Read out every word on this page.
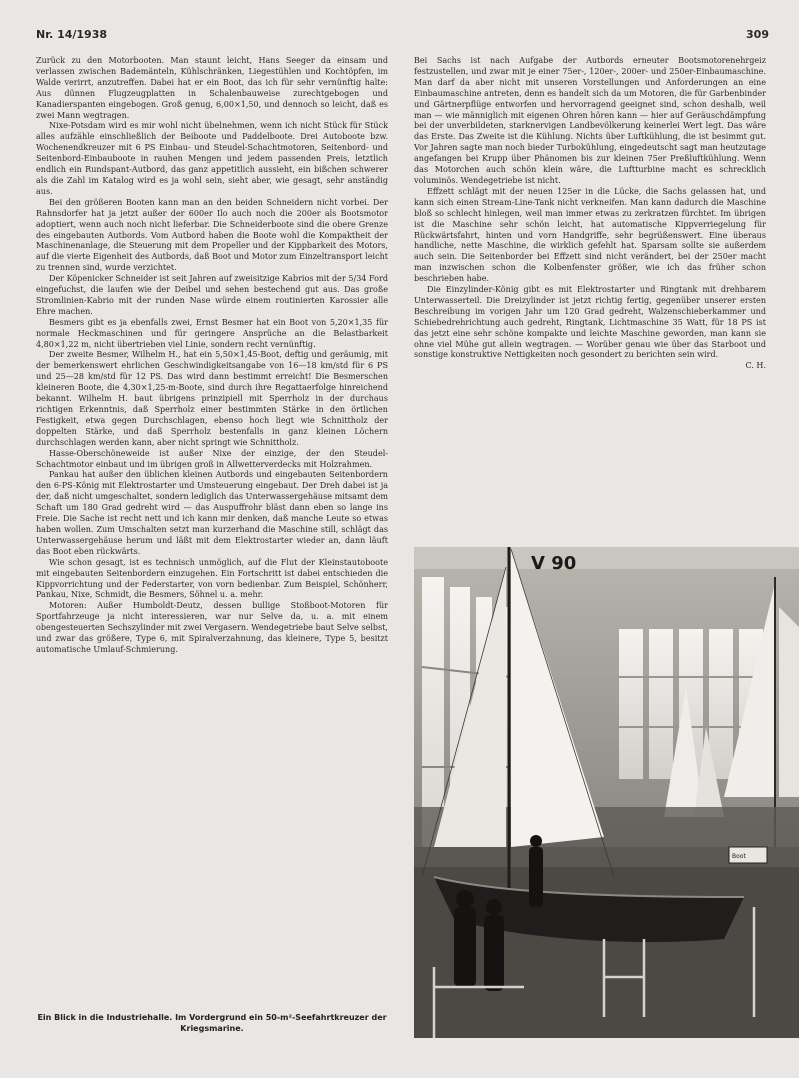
Nr. 14/1938	309

Zurück zu den Motorbooten. Man staunt leicht, Hans Seeger da einsam und verlassen zwischen Bademänteln, Kühlschränken, Liegestühlen und Kochtöpfen, im Walde verirrt, anzutreffen. Dabei hat er ein Boot, das ich für sehr vernünftig halte: Aus dünnen Flugzeugplatten in Schalenbauweise zurechtgebogen und Kanadierspanten eingebogen. Groß genug, 6,00×1,50, und dennoch so leicht, daß es zwei Mann wegtragen.

Nixe-Potsdam wird es mir wohl nicht übelnehmen, wenn ich nicht Stück für Stück alles aufzähle einschließlich der Beiboote und Paddelboote. Drei Autoboote bzw. Wochenendkreuzer mit 6 PS Einbau- und Steudel-Schachtmotoren, Seitenbord- und Seitenbord-Einbauboote in rauhen Mengen und jedem passenden Preis, letztlich endlich ein Rundspant-Autbord, das ganz appetitlich aussieht, ein bißchen schwerer als die Zahl im Katalog wird es ja wohl sein, sieht aber, wie gesagt, sehr anständig aus.

Bei den größeren Booten kann man an den beiden Schneidern nicht vorbei. Der Rahnsdorfer hat ja jetzt außer der 600er Ilo auch noch die 200er als Bootsmotor adoptiert, wenn auch noch nicht lieferbar. Die Schneiderboote sind die obere Grenze des eingebauten Autbords. Vom Autbord haben die Boote wohl die Kompaktheit der Maschinenanlage, die Steuerung mit dem Propeller und der Kippbarkeit des Motors, auf die vierte Eigenheit des Autbords, daß Boot und Motor zum Einzeltransport leicht zu trennen sind, wurde verzichtet.

Der Köpenicker Schneider ist seit Jahren auf zweisitzige Kabrios mit der 5/34 Ford eingefuchst, die laufen wie der Deibel und sehen bestechend gut aus. Das große Stromlinien-Kabrio mit der runden Nase würde einem routinierten Karossier alle Ehre machen.

Besmers gibt es ja ebenfalls zwei, Ernst Besmer hat ein Boot von 5,20×1,35 für normale Heckmaschinen und für geringere Ansprüche an die Belastbarkeit 4,80×1,22 m, nicht übertrieben viel Linie, sondern recht vernünftig.

Der zweite Besmer, Wilhelm H., hat ein 5,50×1,45-Boot, deftig und geräumig, mit der bemerkenswert ehrlichen Geschwindigkeitsangabe von 16—18 km/std für 6 PS und 25—28 km/std für 12 PS. Das wird dann bestimmt erreicht! Die Besmerschen kleineren Boote, die 4,30×1,25-m-Boote, sind durch ihre Regattaerfolge hinreichend bekannt. Wilhelm H. baut übrigens prinzipiell mit Sperrholz in der durchaus richtigen Erkenntnis, daß Sperrholz einer bestimmten Stärke in den örtlichen Festigkeit, etwa gegen Durchschlagen, ebenso hoch liegt wie Schnittholz der doppelten Stärke, und daß Sperrholz bestenfalls in ganz kleinen Löchern durchschlagen werden kann, aber nicht springt wie Schnittholz.

Hasse-Oberschöneweide ist außer Nixe der einzige, der den Steudel-Schachtmotor einbaut und im übrigen groß in Allwetterverdecks mit Holzrahmen.

Pankau hat außer den üblichen kleinen Autbords und eingebauten Seitenbordern den 6-PS-König mit Elektrostarter und Umsteuerung eingebaut. Der Dreh dabei ist ja der, daß nicht umgeschaltet, sondern lediglich das Unterwassergehäuse mitsamt dem Schaft um 180 Grad gedreht wird — das Auspuffrohr bläst dann eben so lange ins Freie. Die Sache ist recht nett und ich kann mir denken, daß manche Leute so etwas haben wollen. Zum Umschalten setzt man kurzerhand die Maschine still, schlägt das Unterwassergehäuse herum und läßt mit dem Elektrostarter wieder an, dann läuft das Boot eben rückwärts.

Wie schon gesagt, ist es technisch unmöglich, auf die Flut der Kleinstautoboote mit eingebauten Seitenbordern einzugehen. Ein Fortschritt ist dabei entschieden die Kippvorrichtung und der Federstarter, von vorn bedienbar. Zum Beispiel, Schönherr, Pankau, Nixe, Schmidt, die Besmers, Söhnel u. a. mehr.

Motoren: Außer Humboldt-Deutz, dessen bullige Stoßboot-Motoren für Sportfahrzeuge ja nicht interessieren, war nur Selve da, u. a. mit einem obengesteuerten Sechszylinder mit zwei Vergasern. Wendegetriebe baut Selve selbst, und zwar das größere, Type 6, mit Spiralverzahnung, das kleinere, Type 5, besitzt automatische Umlauf-Schmierung.

Bei Sachs ist nach Aufgabe der Autbords erneuter Bootsmotorenehrgeiz festzustellen, und zwar mit je einer 75er-, 120er-, 200er- und 250er-Einbaumaschine. Man darf da aber nicht mit unseren Vorstellungen und Anforderungen an eine Einbaumaschine antreten, denn es handelt sich da um Motoren, die für Garbenbinder und Gärtnerpflüge entworfen und hervorragend geeignet sind, schon deshalb, weil man — wie männiglich mit eigenen Ohren hören kann — hier auf Geräuschdämpfung bei der unverbildeten, starknervigen Landbevölkerung keinerlei Wert legt. Das wäre das Erste. Das Zweite ist die Kühlung. Nichts über Luftkühlung, die ist besimmt gut. Vor Jahren sagte man noch bieder Turbokühlung, eingedeutscht sagt man heutzutage angefangen bei Krupp über Phänomen bis zur kleinen 75er Preßluftkühlung. Wenn das Motorchen auch schön klein wäre, die Luftturbine macht es schrecklich voluminös. Wendegetriebe ist nicht.

Effzett schlägt mit der neuen 125er in die Lücke, die Sachs gelassen hat, und kann sich einen Stream-Line-Tank nicht verkneifen. Man kann dadurch die Maschine bloß so schlecht hinlegen, weil man immer etwas zu zerkratzen fürchtet. Im übrigen ist die Maschine sehr schön leicht, hat automatische Kippverriegelung für Rückwärtsfahrt, hinten und vorn Handgriffe, sehr begrüßenswert. Eine überaus handliche, nette Maschine, die wirklich gefehlt hat. Sparsam sollte sie außerdem auch sein. Die Seitenborder bei Effzett sind nicht verändert, bei der 250er macht man inzwischen schon die Kolbenfenster größer, wie ich das früher schon beschrieben habe.

Die Einzylinder-König gibt es mit Elektrostarter und Ringtank mit drehbarem Unterwasserteil. Die Dreizylinder ist jetzt richtig fertig, gegenüber unserer ersten Beschreibung im vorigen Jahr um 120 Grad gedreht, Walzenschieberkammer und Schiebedrehrichtung auch gedreht, Ringtank, Lichtmaschine 35 Watt, für 18 PS ist das jetzt eine sehr schöne kompakte und leichte Maschine geworden, man kann sie ohne viel Mühe gut allein wegtragen. — Worüber genau wie über das Starboot und sonstige konstruktive Nettigkeiten noch gesondert zu berichten sein wird.

C. H.

V 90
Boot
Ein Blick in die Industriehalle. Im Vordergrund ein 50-m²-Seefahrtkreuzer der Kriegsmarine.
